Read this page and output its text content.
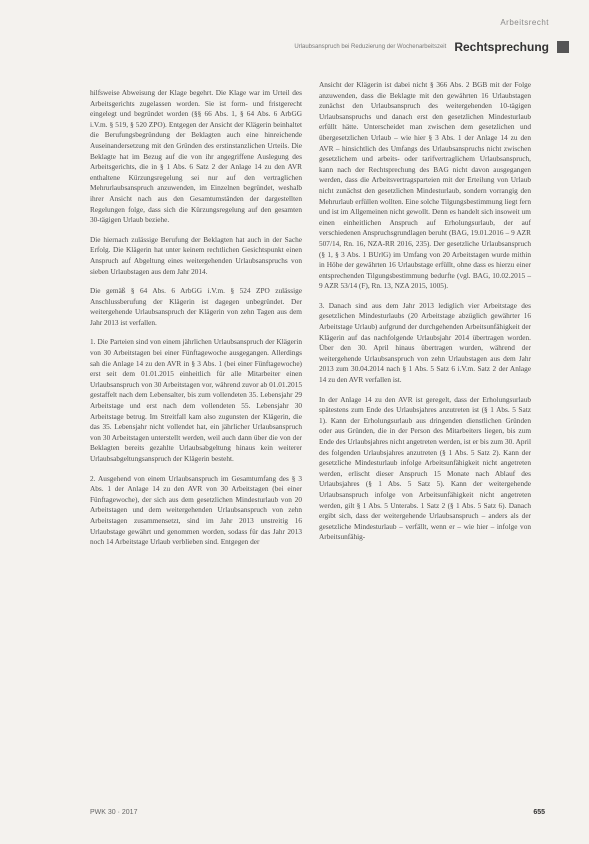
Arbeitsrecht
Urlaubsanspruch bei Reduzierung der Wochenarbeitszeit Rechtsprechung

hilfsweise Abweisung der Klage begehrt. Die Klage war im Urteil des Arbeitsgerichts zugelassen worden. Sie ist form- und fristgerecht eingelegt und begründet worden (§§ 66 Abs. 1, § 64 Abs. 6 ArbGG i.V.m. § 519, § 520 ZPO). Entgegen der Ansicht der Klägerin beinhaltet die Berufungsbegründung der Beklagten auch eine hinreichende Auseinandersetzung mit den Gründen des erstinstanzlichen Urteils. Die Beklagte hat im Bezug auf die von ihr angegriffene Auslegung des Arbeitsgerichts, die in § 1 Abs. 6 Satz 2 der Anlage 14 zu den AVR enthaltene Kürzungsregelung sei nur auf den vertraglichen Mehrurlaubsanspruch anzuwenden, im Einzelnen begründet, weshalb ihrer Ansicht nach aus den Gesamtumständen der dargestellten Regelungen folge, dass sich die Kürzungsregelung auf den gesamten 30-tägigen Urlaub beziehe.

Die hiernach zulässige Berufung der Beklagten hat auch in der Sache Erfolg. Die Klägerin hat unter keinem rechtlichen Gesichtspunkt einen Anspruch auf Abgeltung eines weitergehenden Urlaubsanspruchs von sieben Urlaubstagen aus dem Jahr 2014.

Die gemäß § 64 Abs. 6 ArbGG i.V.m. § 524 ZPO zulässige Anschlussberufung der Klägerin ist dagegen unbegründet. Der weitergehende Urlaubsanspruch der Klägerin von zehn Tagen aus dem Jahr 2013 ist verfallen.

1. Die Parteien sind von einem jährlichen Urlaubsanspruch der Klägerin von 30 Arbeitstagen bei einer Fünftagewoche ausgegangen. Allerdings sah die Anlage 14 zu den AVR in § 3 Abs. 1 (bei einer Fünftagewoche) erst seit dem 01.01.2015 einheitlich für alle Mitarbeiter einen Urlaubsanspruch von 30 Arbeitstagen vor, während zuvor ab 01.01.2015 gestaffelt nach dem Lebensalter, bis zum vollendeten 35. Lebensjahr 29 Arbeitstage und erst nach dem vollendeten 55. Lebensjahr 30 Arbeitstage betrug. Im Streitfall kam also zugunsten der Klägerin, die das 35. Lebensjahr nicht vollendet hat, ein jährlicher Urlaubsanspruch von 30 Arbeitstagen unterstellt werden, weil auch dann über die von der Beklagten bereits gezahlte Urlaubsabgeltung hinaus kein weiterer Urlaubsabgeltungsanspruch der Klägerin besteht.

2. Ausgehend von einem Urlaubsanspruch im Gesamtumfang des § 3 Abs. 1 der Anlage 14 zu den AVR von 30 Arbeitstagen (bei einer Fünftagewoche), der sich aus dem gesetzlichen Mindesturlaub von 20 Arbeitstagen und dem weitergehenden Urlaubsanspruch von zehn Arbeitstagen zusammensetzt, sind im Jahr 2013 unstreitig 16 Urlaubstage gewährt und genommen worden, sodass für das Jahr 2013 noch 14 Arbeitstage Urlaub verblieben sind. Entgegen der

Ansicht der Klägerin ist dabei nicht § 366 Abs. 2 BGB mit der Folge anzuwenden, dass die Beklagte mit den gewährten 16 Urlaubstagen zunächst den Urlaubsanspruch des weitergehenden 10-tägigen Urlaubsanspruchs und danach erst den gesetzlichen Mindesturlaub erfüllt hätte. Unterscheidet man zwischen dem gesetzlichen und übergesetzlichen Urlaub – wie hier § 3 Abs. 1 der Anlage 14 zu den AVR – hinsichtlich des Umfangs des Urlaubsanspruchs nicht zwischen gesetzlichem und arbeits- oder tarifvertraglichem Urlaubsanspruch, kann nach der Rechtsprechung des BAG nicht davon ausgegangen werden, dass die Arbeitsvertragsparteien mit der Erteilung von Urlaub nicht zunächst den gesetzlichen Mindesturlaub, sondern vorrangig den Mehrurlaub erfüllen wollten. Eine solche Tilgungsbestimmung liegt fern und ist im Allgemeinen nicht gewollt. Denn es handelt sich insoweit um einen einheitlichen Anspruch auf Erholungsurlaub, der auf verschiedenen Anspruchsgrundlagen beruht (BAG, 19.01.2016 – 9 AZR 507/14, Rn. 16, NZA-RR 2016, 235). Der gesetzliche Urlaubsanspruch (§ 1, § 3 Abs. 1 BUrlG) im Umfang von 20 Arbeitstagen wurde mithin in Höhe der gewährten 16 Urlaubstage erfüllt, ohne dass es hierzu einer entsprechenden Tilgungsbestimmung bedurfte (vgl. BAG, 10.02.2015 – 9 AZR 53/14 (F), Rn. 13, NZA 2015, 1005).

3. Danach sind aus dem Jahr 2013 lediglich vier Arbeitstage des gesetzlichen Mindesturlaubs (20 Arbeitstage abzüglich gewährter 16 Arbeitstage Urlaub) aufgrund der durchgehenden Arbeitsunfähigkeit der Klägerin auf das nachfolgende Urlaubsjahr 2014 übertragen worden. Über den 30. April hinaus übertragen wurden, während der weitergehende Urlaubsanspruch von zehn Urlaubstagen aus dem Jahr 2013 zum 30.04.2014 nach § 1 Abs. 5 Satz 6 i.V.m. Satz 2 der Anlage 14 zu den AVR verfallen ist.

In der Anlage 14 zu den AVR ist geregelt, dass der Erholungsurlaub spätestens zum Ende des Urlaubsjahres anzutreten ist (§ 1 Abs. 5 Satz 1). Kann der Erholungsurlaub aus dringenden dienstlichen Gründen oder aus Gründen, die in der Person des Mitarbeiters liegen, bis zum Ende des Urlaubsjahres nicht angetreten werden, ist er bis zum 30. April des folgenden Urlaubsjahres anzutreten (§ 1 Abs. 5 Satz 2). Kann der gesetzliche Mindesturlaub infolge Arbeitsunfähigkeit nicht angetreten werden, erlischt dieser Anspruch 15 Monate nach Ablauf des Urlaubsjahres (§ 1 Abs. 5 Satz 5). Kann der weitergehende Urlaubsanspruch infolge von Arbeitsunfähigkeit nicht angetreten werden, gilt § 1 Abs. 5 Unterabs. 1 Satz 2 (§ 1 Abs. 5 Satz 6). Danach ergibt sich, dass der weitergehende Urlaubsanspruch – anders als der gesetzliche Mindesturlaub – verfällt, wenn er – wie hier – infolge von Arbeitsunfähig-

PWK 30 · 2017	655
